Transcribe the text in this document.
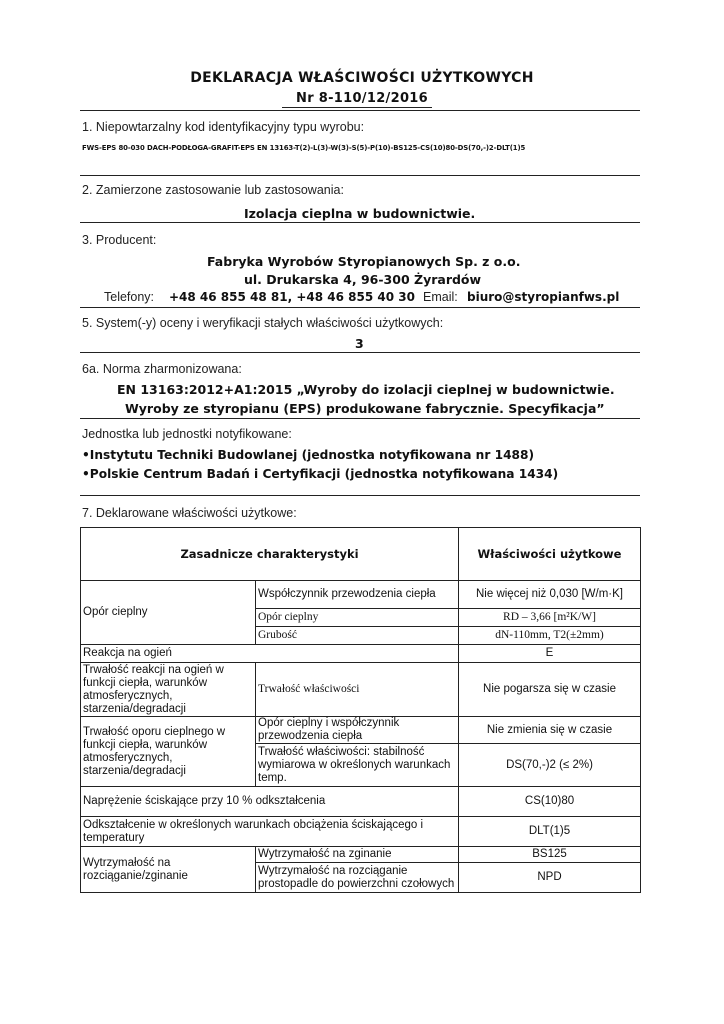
DEKLARACJA WŁAŚCIWOŚCI UŻYTKOWYCH
Nr 8-110/12/2016
1. Niepowtarzalny kod identyfikacyjny typu wyrobu:
FWS-EPS 80-030 DACH-PODŁOGA-GRAFIT-EPS EN 13163-T(2)-L(3)-W(3)-S(5)-P(10)-BS125-CS(10)80-DS(70,-)2-DLT(1)5
2. Zamierzone zastosowanie lub zastosowania:
Izolacja cieplna w budownictwie.
3. Producent:
Fabryka Wyrobów Styropianowych Sp. z o.o.
ul. Drukarska 4, 96-300 Żyrardów
Telefony: +48 46 855 48 81, +48 46 855 40 30 Email: biuro@styropianfws.pl
5. System(-y) oceny i weryfikacji stałych właściwości użytkowych:
3
6a. Norma zharmonizowana:
EN 13163:2012+A1:2015 „Wyroby do izolacji cieplnej w budownictwie.
Wyroby ze styropianu (EPS) produkowane fabrycznie. Specyfikacja”
Jednostka lub jednostki notyfikowane:
•Instytutu Techniki Budowlanej (jednostka notyfikowana nr 1488)
•Polskie Centrum Badań i Certyfikacji (jednostka notyfikowana 1434)
7. Deklarowane właściwości użytkowe:
Zasadnicze charakterystyki		Właściwości użytkowe
Opór cieplny	Współczynnik przewodzenia ciepła	Nie więcej niż 0,030 [W/m·K]
	Opór cieplny	RD – 3,66 [m²K/W]
	Grubość	dN-110mm, T2(±2mm)
Reakcja na ogień		E
Trwałość reakcji na ogień w funkcji ciepła, warunków atmosferycznych, starzenia/degradacji	Trwałość właściwości	Nie pogarsza się w czasie
Trwałość oporu cieplnego w funkcji ciepła, warunków atmosferycznych, starzenia/degradacji	Opór cieplny i współczynnik przewodzenia ciepła	Nie zmienia się w czasie
	Trwałość właściwości: stabilność wymiarowa w określonych warunkach temp.	DS(70,-)2 (≤ 2%)
Naprężenie ściskające przy 10 % odkształcenia		CS(10)80
Odkształcenie w określonych warunkach obciążenia ściskającego i temperatury		DLT(1)5
Wytrzymałość na rozciąganie/zginanie	Wytrzymałość na zginanie	BS125
	Wytrzymałość na rozciąganie prostopadle do powierzchni czołowych	NPD
